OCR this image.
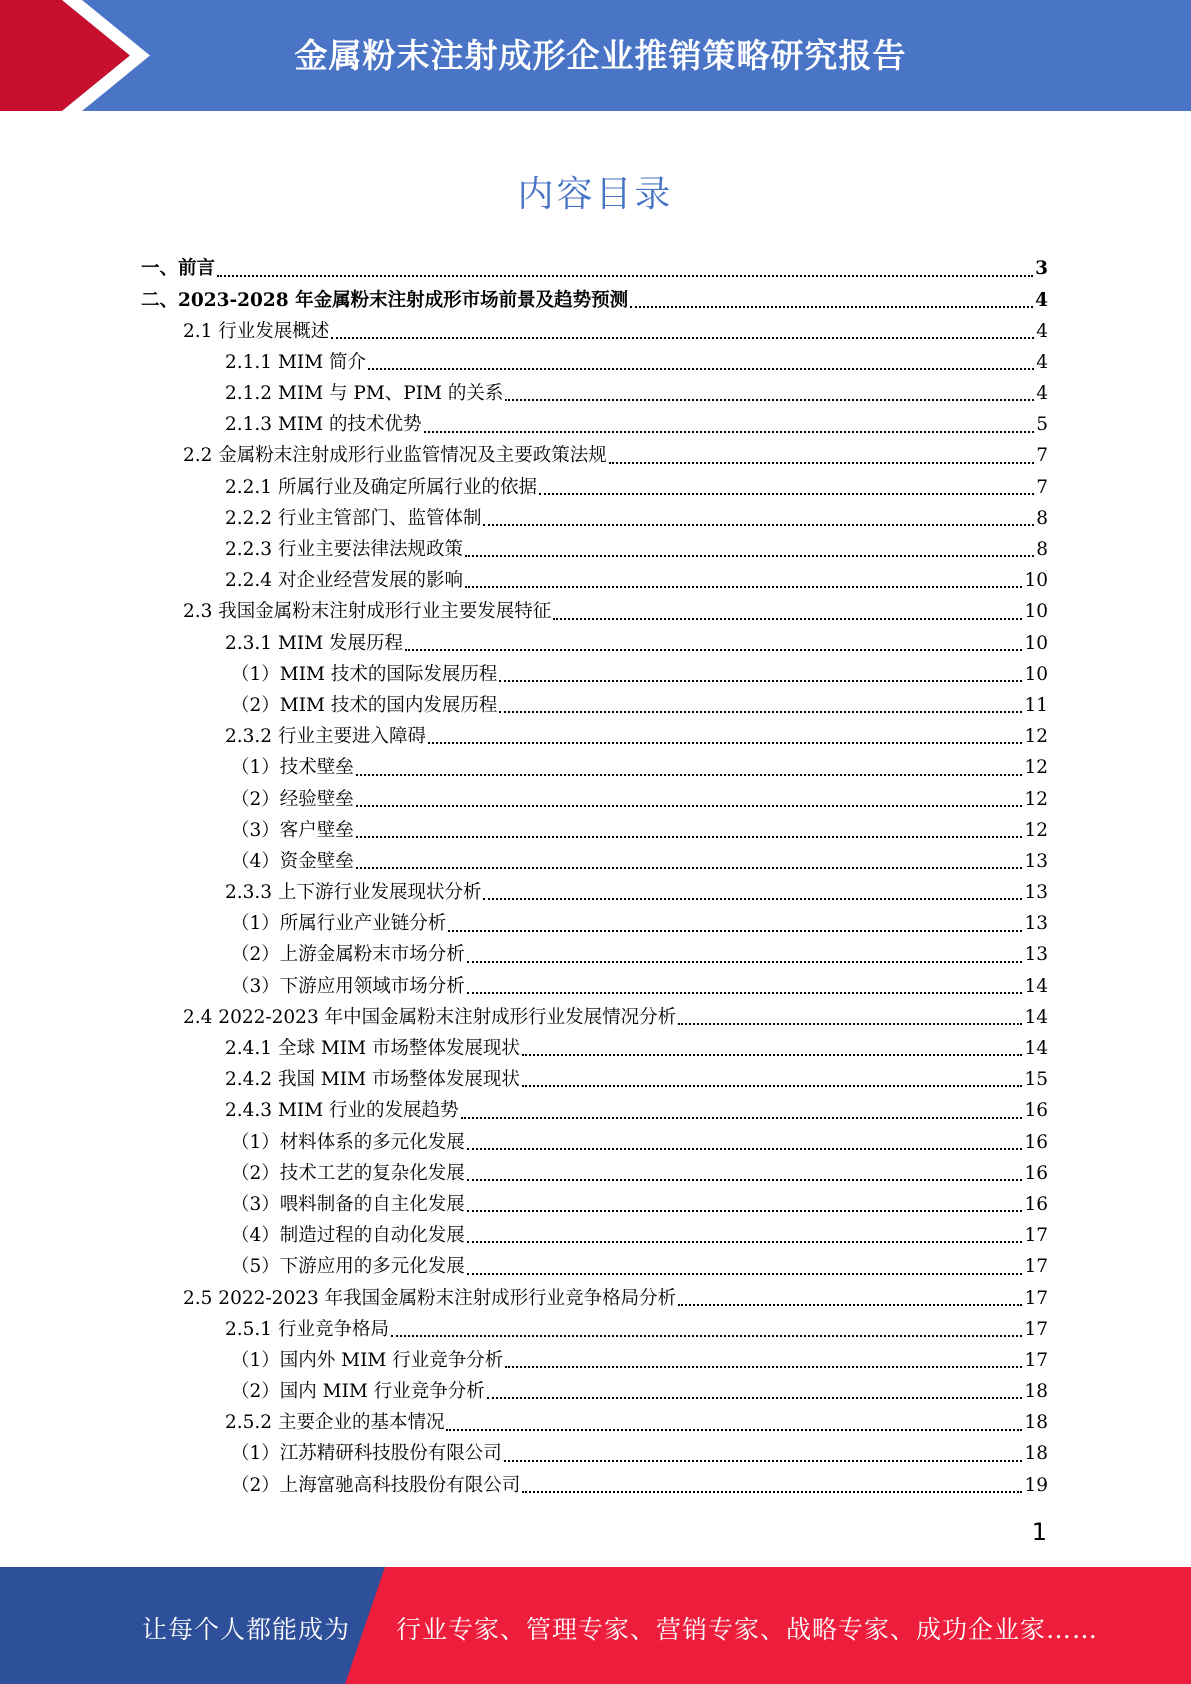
金属粉末注射成形企业推销策略研究报告
内容目录
一、前言	3
二、2023-2028 年金属粉末注射成形市场前景及趋势预测	4
2.1 行业发展概述	4
2.1.1 MIM 简介	4
2.1.2 MIM 与 PM、PIM 的关系	4
2.1.3 MIM 的技术优势	5
2.2 金属粉末注射成形行业监管情况及主要政策法规	7
2.2.1 所属行业及确定所属行业的依据	7
2.2.2 行业主管部门、监管体制	8
2.2.3 行业主要法律法规政策	8
2.2.4 对企业经营发展的影响	10
2.3 我国金属粉末注射成形行业主要发展特征	10
2.3.1 MIM 发展历程	10
（1）MIM 技术的国际发展历程	10
（2）MIM 技术的国内发展历程	11
2.3.2 行业主要进入障碍	12
（1）技术壁垒	12
（2）经验壁垒	12
（3）客户壁垒	12
（4）资金壁垒	13
2.3.3 上下游行业发展现状分析	13
（1）所属行业产业链分析	13
（2）上游金属粉末市场分析	13
（3）下游应用领域市场分析	14
2.4 2022-2023 年中国金属粉末注射成形行业发展情况分析	14
2.4.1 全球 MIM 市场整体发展现状	14
2.4.2 我国 MIM 市场整体发展现状	15
2.4.3 MIM 行业的发展趋势	16
（1）材料体系的多元化发展	16
（2）技术工艺的复杂化发展	16
（3）喂料制备的自主化发展	16
（4）制造过程的自动化发展	17
（5）下游应用的多元化发展	17
2.5 2022-2023 年我国金属粉末注射成形行业竞争格局分析	17
2.5.1 行业竞争格局	17
（1）国内外 MIM 行业竞争分析	17
（2）国内 MIM 行业竞争分析	18
2.5.2 主要企业的基本情况	18
（1）江苏精研科技股份有限公司	18
（2）上海富驰高科技股份有限公司	19
1
让每个人都能成为 行业专家、管理专家、营销专家、战略专家、成功企业家……
